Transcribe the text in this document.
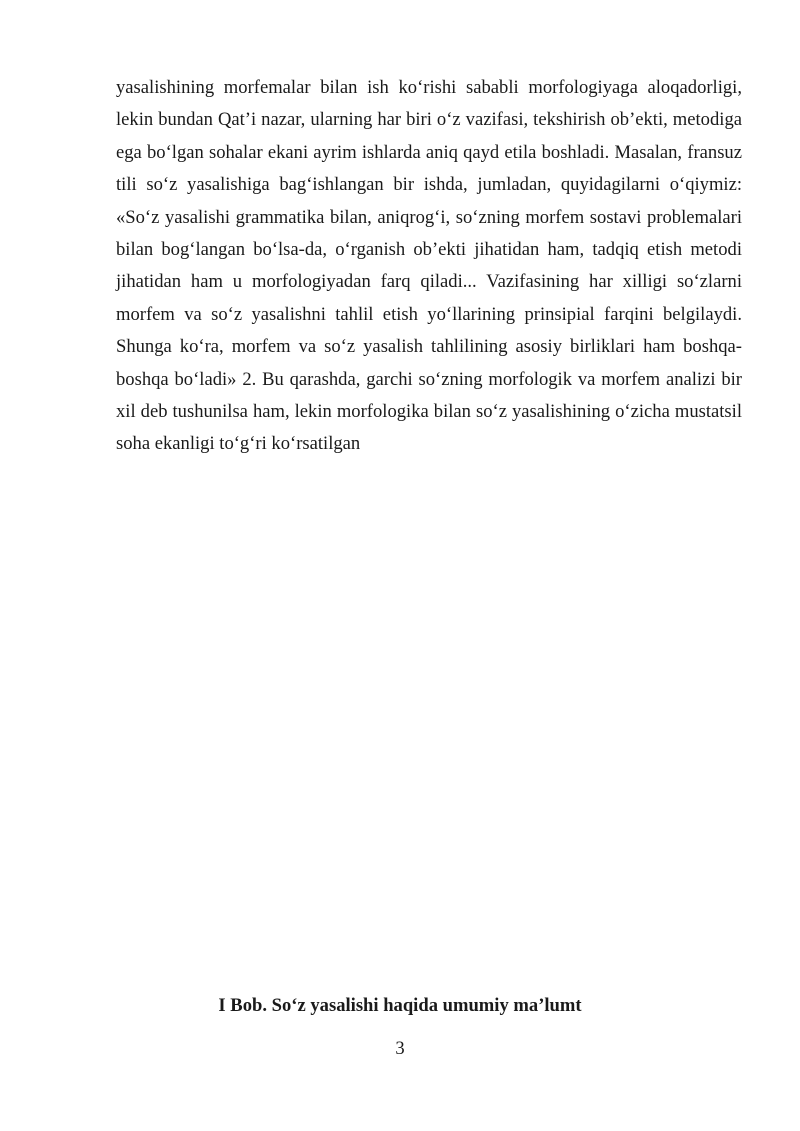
yasalishining morfemalar bilan ish ko‘rishi sababli morfologiyaga aloqadorligi, lekin bundan Qat’i nazar, ularning har biri o‘z vazifasi, tekshirish ob’ekti, metodiga ega bo‘lgan sohalar ekani ayrim ishlarda aniq qayd etila boshladi. Masalan, fransuz tili so‘z yasalishiga bag‘ishlangan bir ishda, jumladan, quyidagilarni o‘qiymiz: «So‘z yasalishi grammatika bilan, aniqrog‘i, so‘zning morfem sostavi problemalari bilan bog‘langan bo‘lsa-da, o‘rganish ob’ekti jihatidan ham, tadqiq etish metodi jihatidan ham u morfologiyadan farq qiladi... Vazifasining har xilligi so‘zlarni morfem va so‘z yasalishni tahlil etish yo‘llarining prinsipial farqini belgilaydi. Shunga ko‘ra, morfem va so‘z yasalish tahlilining asosiy birliklari ham boshqa-boshqa bo‘ladi» 2. Bu qarashda, garchi so‘zning morfologik va morfem analizi bir xil deb tushunilsa ham, lekin morfologika bilan so‘z yasalishining o‘zicha mustatsil soha ekanligi to‘g‘ri ko‘rsatilgan

I Bob. So‘z yasalishi haqida umumiy ma’lumt
3
